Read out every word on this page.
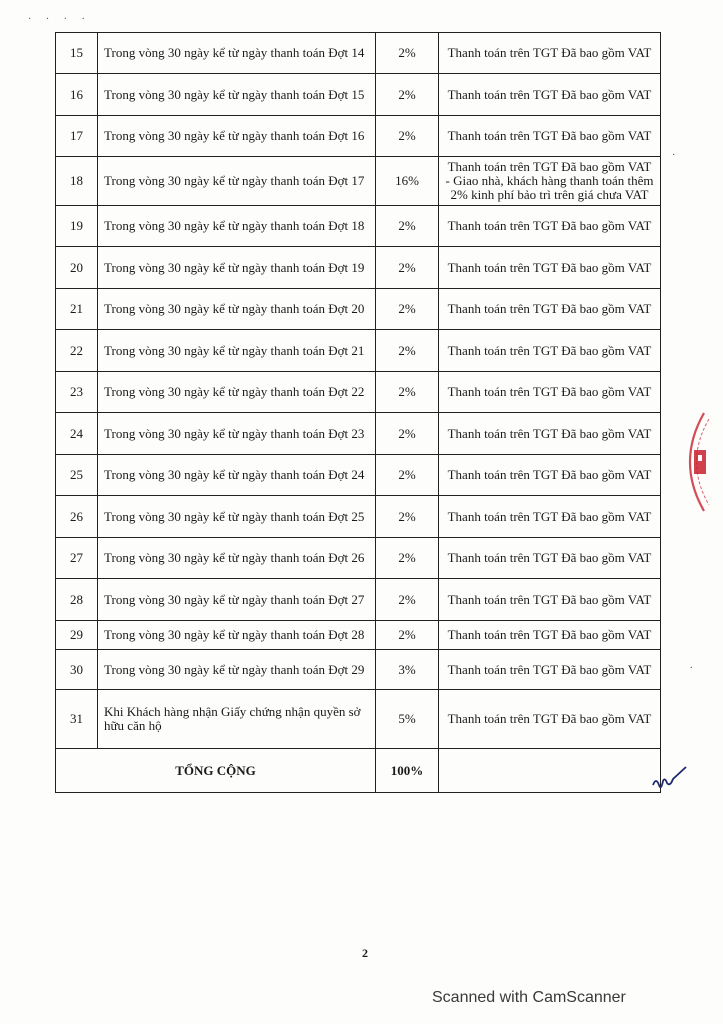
· · · ·
15	Trong vòng 30 ngày kể từ ngày thanh toán Đợt 14	2%	Thanh toán trên TGT Đã bao gồm VAT
16	Trong vòng 30 ngày kể từ ngày thanh toán Đợt 15	2%	Thanh toán trên TGT Đã bao gồm VAT
17	Trong vòng 30 ngày kể từ ngày thanh toán Đợt 16	2%	Thanh toán trên TGT Đã bao gồm VAT
18	Trong vòng 30 ngày kể từ ngày thanh toán Đợt 17	16%	Thanh toán trên TGT Đã bao gồm VAT - Giao nhà, khách hàng thanh toán thêm 2% kinh phí bảo trì trên giá chưa VAT
19	Trong vòng 30 ngày kể từ ngày thanh toán Đợt 18	2%	Thanh toán trên TGT Đã bao gồm VAT
20	Trong vòng 30 ngày kể từ ngày thanh toán Đợt 19	2%	Thanh toán trên TGT Đã bao gồm VAT
21	Trong vòng 30 ngày kể từ ngày thanh toán Đợt 20	2%	Thanh toán trên TGT Đã bao gồm VAT
22	Trong vòng 30 ngày kể từ ngày thanh toán Đợt 21	2%	Thanh toán trên TGT Đã bao gồm VAT
23	Trong vòng 30 ngày kể từ ngày thanh toán Đợt 22	2%	Thanh toán trên TGT Đã bao gồm VAT
24	Trong vòng 30 ngày kể từ ngày thanh toán Đợt 23	2%	Thanh toán trên TGT Đã bao gồm VAT
25	Trong vòng 30 ngày kể từ ngày thanh toán Đợt 24	2%	Thanh toán trên TGT Đã bao gồm VAT
26	Trong vòng 30 ngày kể từ ngày thanh toán Đợt 25	2%	Thanh toán trên TGT Đã bao gồm VAT
27	Trong vòng 30 ngày kể từ ngày thanh toán Đợt 26	2%	Thanh toán trên TGT Đã bao gồm VAT
28	Trong vòng 30 ngày kể từ ngày thanh toán Đợt 27	2%	Thanh toán trên TGT Đã bao gồm VAT
29	Trong vòng 30 ngày kể từ ngày thanh toán Đợt 28	2%	Thanh toán trên TGT Đã bao gồm VAT
30	Trong vòng 30 ngày kể từ ngày thanh toán Đợt 29	3%	Thanh toán trên TGT Đã bao gồm VAT
31	Khi Khách hàng nhận Giấy chứng nhận quyền sở hữu căn hộ	5%	Thanh toán trên TGT Đã bao gồm VAT
TỔNG CỘNG		100%	
2
Scanned with CamScanner
·
.
